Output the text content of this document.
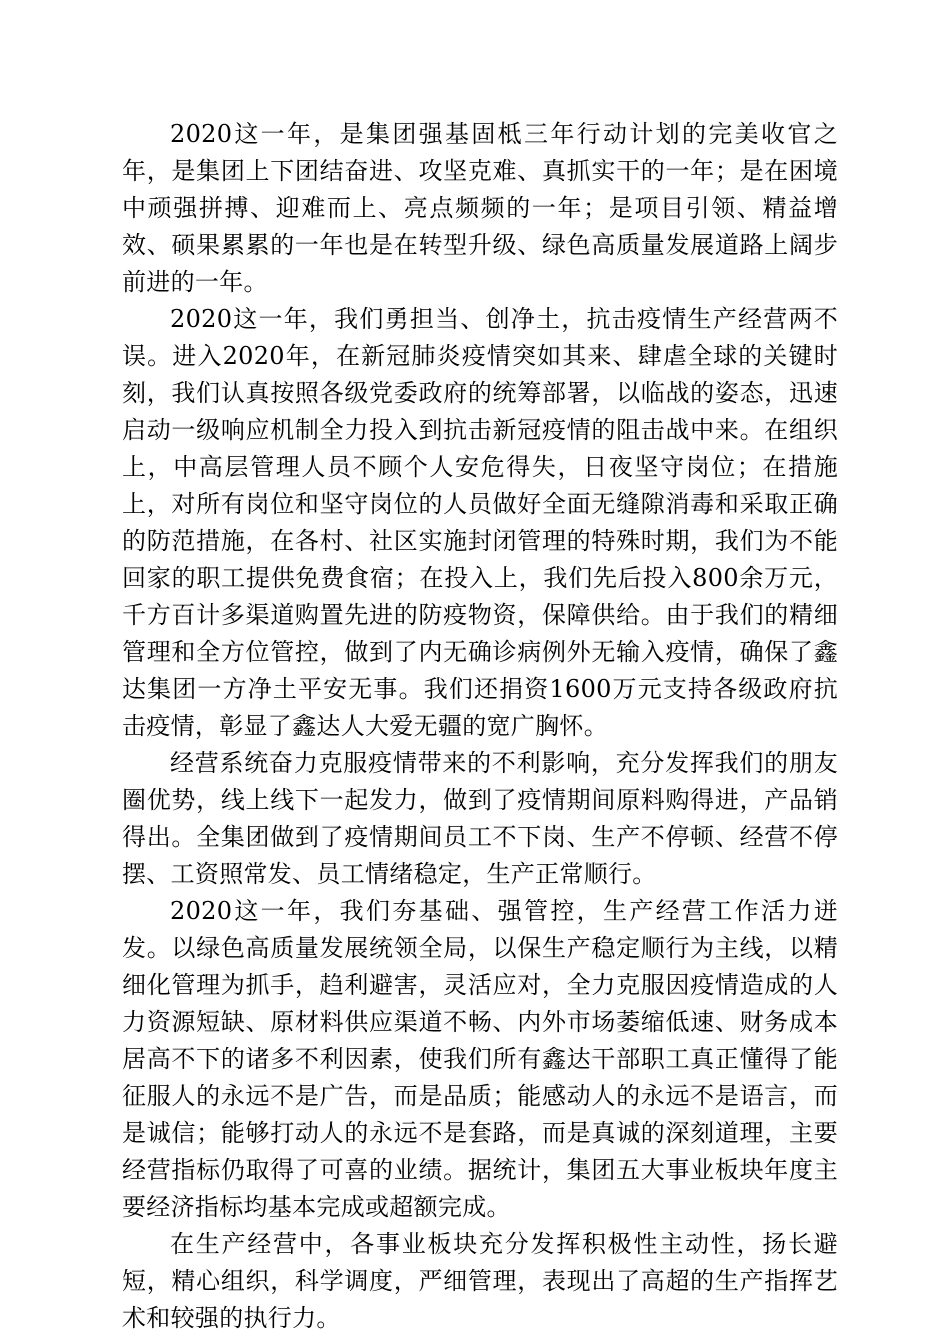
2020这一年，是集团强基固柢三年行动计划的完美收官之年，是集团上下团结奋进、攻坚克难、真抓实干的一年；是在困境中顽强拼搏、迎难而上、亮点频频的一年；是项目引领、精益增效、硕果累累的一年也是在转型升级、绿色高质量发展道路上阔步前进的一年。

2020这一年，我们勇担当、创净土，抗击疫情生产经营两不误。进入2020年，在新冠肺炎疫情突如其来、肆虐全球的关键时刻，我们认真按照各级党委政府的统筹部署，以临战的姿态，迅速启动一级响应机制全力投入到抗击新冠疫情的阻击战中来。在组织上，中高层管理人员不顾个人安危得失，日夜坚守岗位；在措施上，对所有岗位和坚守岗位的人员做好全面无缝隙消毒和采取正确的防范措施，在各村、社区实施封闭管理的特殊时期，我们为不能回家的职工提供免费食宿；在投入上，我们先后投入800余万元，千方百计多渠道购置先进的防疫物资，保障供给。由于我们的精细管理和全方位管控，做到了内无确诊病例外无输入疫情，确保了鑫达集团一方净土平安无事。我们还捐资1600万元支持各级政府抗击疫情，彰显了鑫达人大爱无疆的宽广胸怀。

经营系统奋力克服疫情带来的不利影响，充分发挥我们的朋友圈优势，线上线下一起发力，做到了疫情期间原料购得进，产品销得出。全集团做到了疫情期间员工不下岗、生产不停顿、经营不停摆、工资照常发、员工情绪稳定，生产正常顺行。

2020这一年，我们夯基础、强管控，生产经营工作活力迸发。以绿色高质量发展统领全局，以保生产稳定顺行为主线，以精细化管理为抓手，趋利避害，灵活应对，全力克服因疫情造成的人力资源短缺、原材料供应渠道不畅、内外市场萎缩低速、财务成本居高不下的诸多不利因素，使我们所有鑫达干部职工真正懂得了能征服人的永远不是广告，而是品质；能感动人的永远不是语言，而是诚信；能够打动人的永远不是套路，而是真诚的深刻道理，主要经营指标仍取得了可喜的业绩。据统计，集团五大事业板块年度主要经济指标均基本完成或超额完成。

在生产经营中，各事业板块充分发挥积极性主动性，扬长避短，精心组织，科学调度，严细管理，表现出了高超的生产指挥艺术和较强的执行力。
